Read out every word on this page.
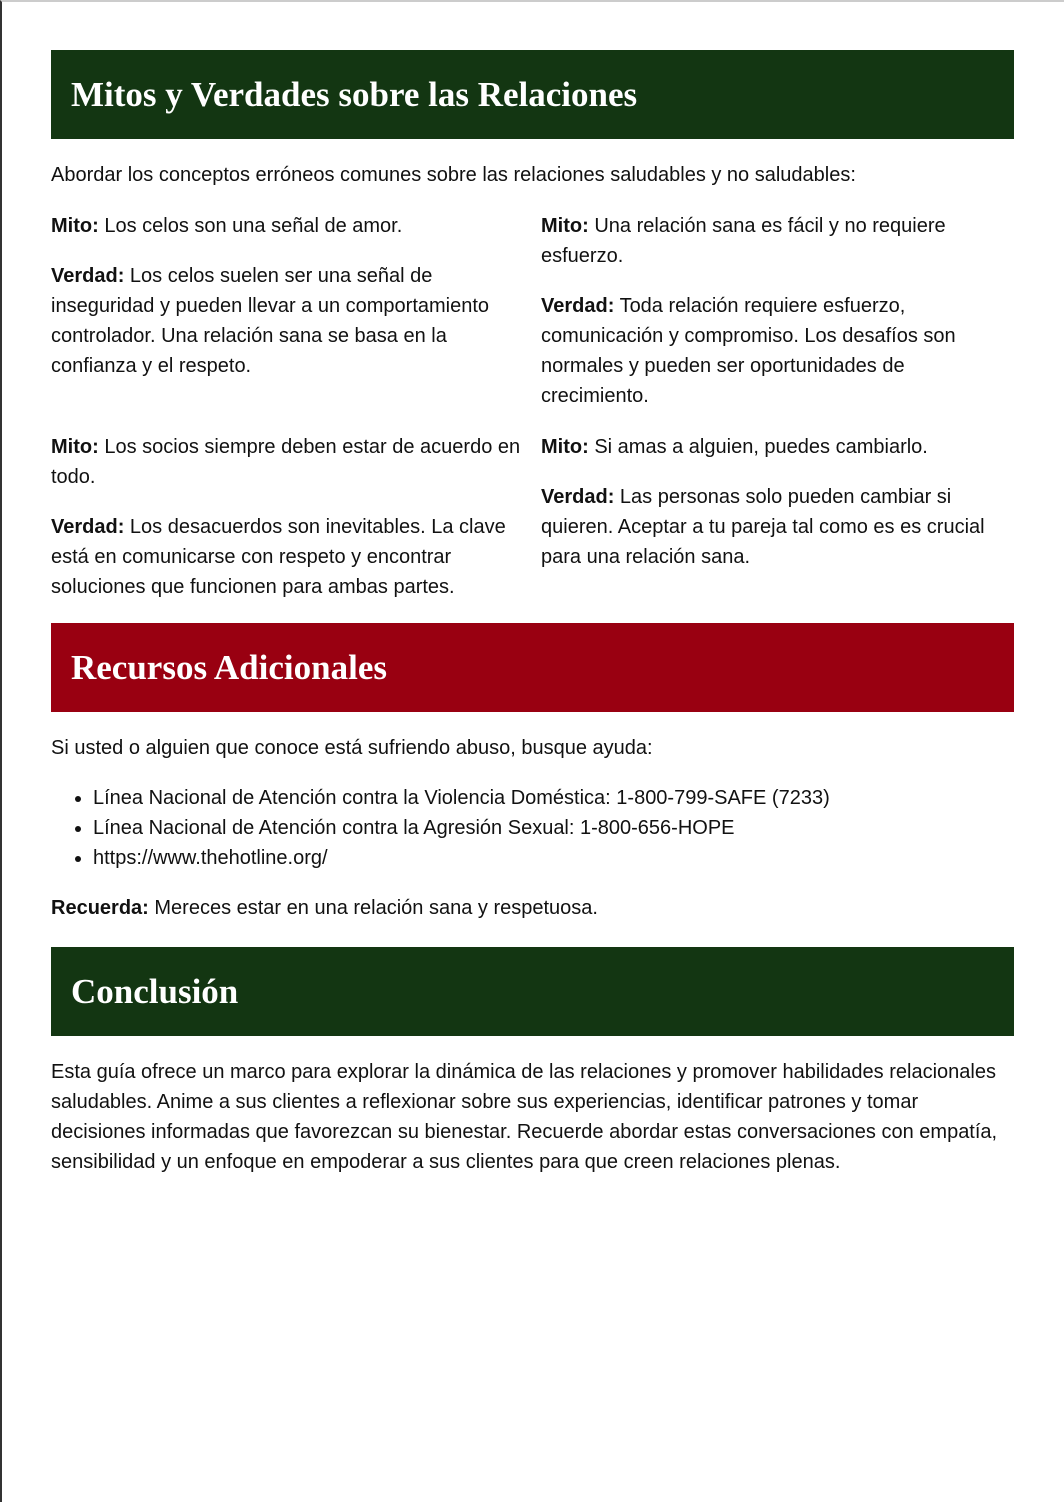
Mitos y Verdades sobre las Relaciones

Abordar los conceptos erróneos comunes sobre las relaciones saludables y no saludables:

Mito: Los celos son una señal de amor.

Verdad: Los celos suelen ser una señal de inseguridad y pueden llevar a un comportamiento controlador. Una relación sana se basa en la confianza y el respeto.

Mito: Una relación sana es fácil y no requiere esfuerzo.

Verdad: Toda relación requiere esfuerzo, comunicación y compromiso. Los desafíos son normales y pueden ser oportunidades de crecimiento.

Mito: Los socios siempre deben estar de acuerdo en todo.

Verdad: Los desacuerdos son inevitables. La clave está en comunicarse con respeto y encontrar soluciones que funcionen para ambas partes.

Mito: Si amas a alguien, puedes cambiarlo.

Verdad: Las personas solo pueden cambiar si quieren. Aceptar a tu pareja tal como es es crucial para una relación sana.

Recursos Adicionales

Si usted o alguien que conoce está sufriendo abuso, busque ayuda:

• Línea Nacional de Atención contra la Violencia Doméstica: 1-800-799-SAFE (7233)
• Línea Nacional de Atención contra la Agresión Sexual: 1-800-656-HOPE
• https://www.thehotline.org/

Recuerda: Mereces estar en una relación sana y respetuosa.

Conclusión

Esta guía ofrece un marco para explorar la dinámica de las relaciones y promover habilidades relacionales saludables. Anime a sus clientes a reflexionar sobre sus experiencias, identificar patrones y tomar decisiones informadas que favorezcan su bienestar. Recuerde abordar estas conversaciones con empatía, sensibilidad y un enfoque en empoderar a sus clientes para que creen relaciones plenas.
